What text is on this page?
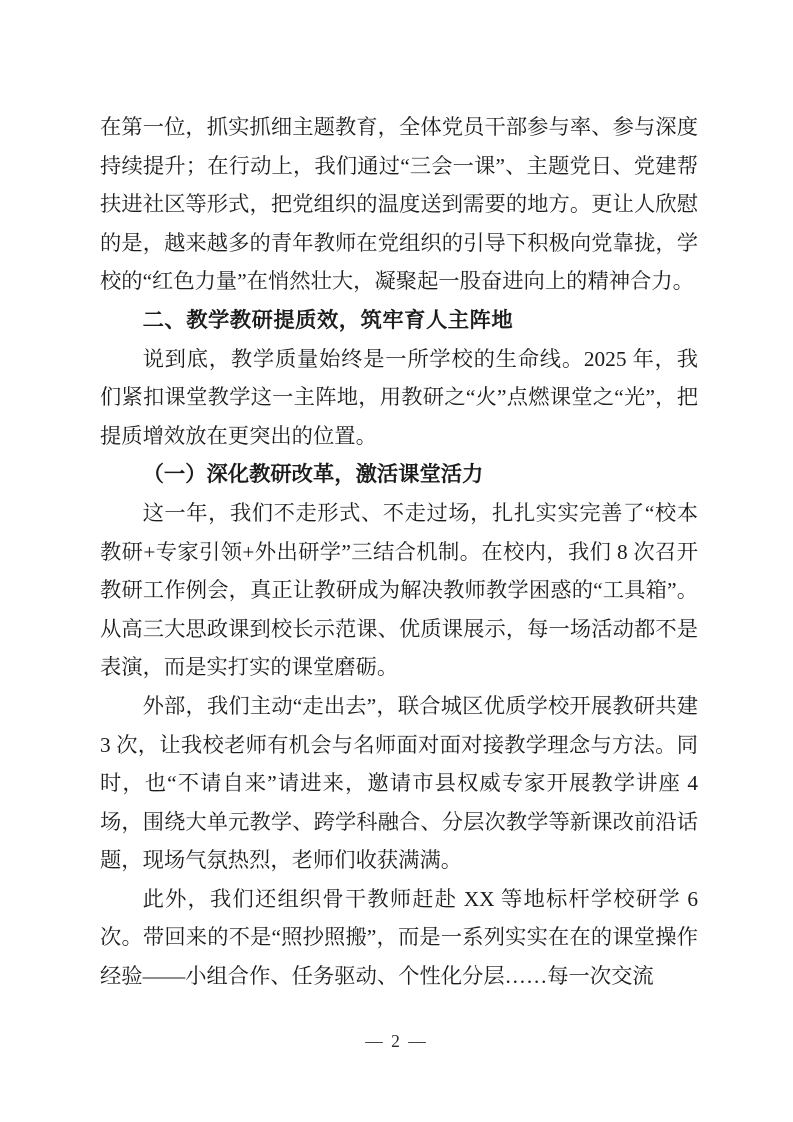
在第一位，抓实抓细主题教育，全体党员干部参与率、参与深度持续提升；在行动上，我们通过“三会一课”、主题党日、党建帮扶进社区等形式，把党组织的温度送到需要的地方。更让人欣慰的是，越来越多的青年教师在党组织的引导下积极向党靠拢，学校的“红色力量”在悄然壮大，凝聚起一股奋进向上的精神合力。

二、教学教研提质效，筑牢育人主阵地

说到底，教学质量始终是一所学校的生命线。2025 年，我们紧扣课堂教学这一主阵地，用教研之“火”点燃课堂之“光”，把提质增效放在更突出的位置。

（一）深化教研改革，激活课堂活力

这一年，我们不走形式、不走过场，扎扎实实完善了“校本教研+专家引领+外出研学”三结合机制。在校内，我们 8 次召开教研工作例会，真正让教研成为解决教师教学困惑的“工具箱”。从高三大思政课到校长示范课、优质课展示，每一场活动都不是表演，而是实打实的课堂磨砺。

外部，我们主动“走出去”，联合城区优质学校开展教研共建 3 次，让我校老师有机会与名师面对面对接教学理念与方法。同时，也“不请自来”请进来，邀请市县权威专家开展教学讲座 4 场，围绕大单元教学、跨学科融合、分层次教学等新课改前沿话题，现场气氛热烈，老师们收获满满。

此外，我们还组织骨干教师赶赴 XX 等地标杆学校研学 6 次。带回来的不是“照抄照搬”，而是一系列实实在在的课堂操作经验——小组合作、任务驱动、个性化分层……每一次交流

— 2 —
